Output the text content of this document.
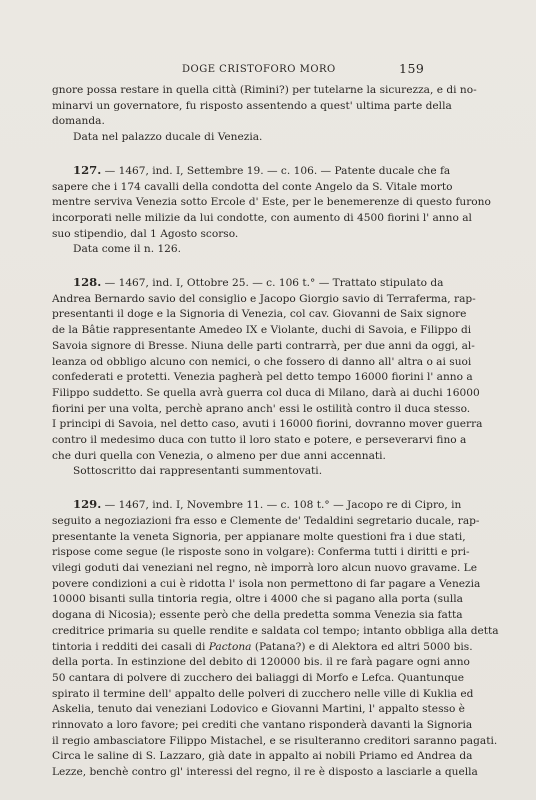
DOGE CRISTOFORO MORO	159
gnore possa restare in quella città (Rimini?) per tutelarne la sicurezza, e di no-
minarvi un governatore, fu risposto assentendo a quest' ultima parte della
domanda.
Data nel palazzo ducale di Venezia.
127. — 1467, ind. I, Settembre 19. — c. 106. — Patente ducale che fa
sapere che i 174 cavalli della condotta del conte Angelo da S. Vitale morto
mentre serviva Venezia sotto Ercole d' Este, per le benemerenze di questo furono
incorporati nelle milizie da lui condotte, con aumento di 4500 fiorini l' anno al
suo stipendio, dal 1 Agosto scorso.
Data come il n. 126.
128. — 1467, ind. I, Ottobre 25. — c. 106 t.° — Trattato stipulato da
Andrea Bernardo savio del consiglio e Jacopo Giorgio savio di Terraferma, rap-
presentanti il doge e la Signoria di Venezia, col cav. Giovanni de Saix signore
de la Bâtie rappresentante Amedeo IX e Violante, duchi di Savoia, e Filippo di
Savoia signore di Bresse. Niuna delle parti contrarrà, per due anni da oggi, al-
leanza od obbligo alcuno con nemici, o che fossero di danno all' altra o ai suoi
confederati e protetti. Venezia pagherà pel detto tempo 16000 fiorini l' anno a
Filippo suddetto. Se quella avrà guerra col duca di Milano, darà ai duchi 16000
fiorini per una volta, perchè aprano anch' essi le ostilità contro il duca stesso.
I principi di Savoia, nel detto caso, avuti i 16000 fiorini, dovranno mover guerra
contro il medesimo duca con tutto il loro stato e potere, e perseverarvi fino a
che duri quella con Venezia, o almeno per due anni accennati.
Sottoscritto dai rappresentanti summentovati.
129. — 1467, ind. I, Novembre 11. — c. 108 t.° — Jacopo re di Cipro, in
seguito a negoziazioni fra esso e Clemente de' Tedaldini segretario ducale, rap-
presentante la veneta Signoria, per appianare molte questioni fra i due stati,
rispose come segue (le risposte sono in volgare): Conferma tutti i diritti e pri-
vilegi goduti dai veneziani nel regno, nè imporrà loro alcun nuovo gravame. Le
povere condizioni a cui è ridotta l' isola non permettono di far pagare a Venezia
10000 bisanti sulla tintoria regia, oltre i 4000 che si pagano alla porta (sulla
dogana di Nicosia); essente però che della predetta somma Venezia sia fatta
creditrice primaria su quelle rendite e saldata col tempo; intanto obbliga alla detta
tintoria i redditi dei casali di Pactona (Patana?) e di Alektora ed altri 5000 bis.
della porta. In estinzione del debito di 120000 bis. il re farà pagare ogni anno
50 cantara di polvere di zucchero dei baliaggi di Morfo e Lefca. Quantunque
spirato il termine dell' appalto delle polveri di zucchero nelle ville di Kuklia ed
Askelia, tenuto dai veneziani Lodovico e Giovanni Martini, l' appalto stesso è
rinnovato a loro favore; pei crediti che vantano risponderà davanti la Signoria
il regio ambasciatore Filippo Mistachel, e se risulteranno creditori saranno pagati.
Circa le saline di S. Lazzaro, già date in appalto ai nobili Priamo ed Andrea da
Lezze, benchè contro gl' interessi del regno, il re è disposto a lasciarle a quella
